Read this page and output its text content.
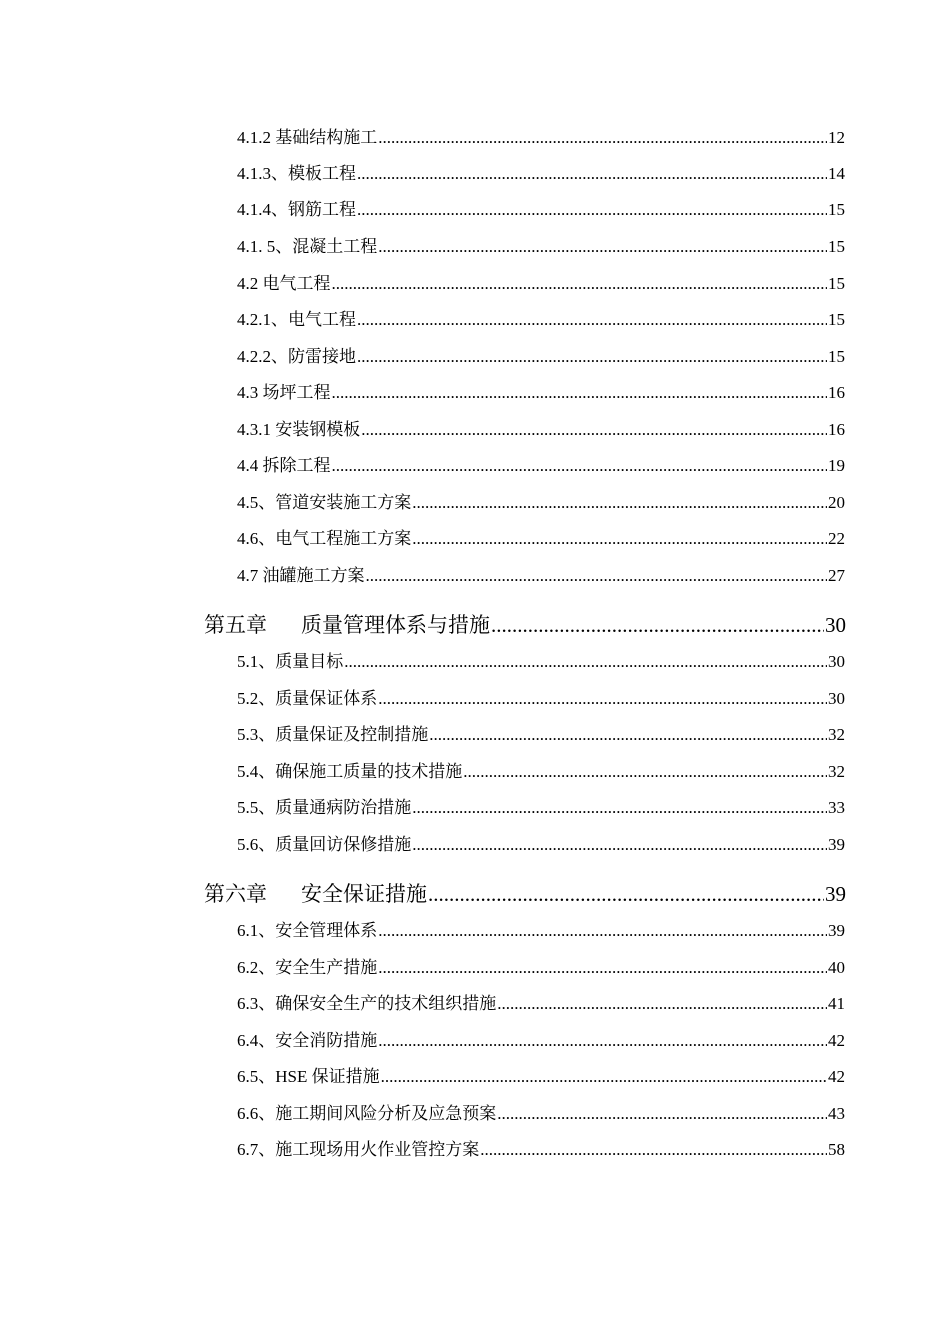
4.1.2 基础结构施工 .....	12
4.1.3、模板工程 .....	14
4.1.4、钢筋工程 .....	15
4.1. 5、混凝土工程 .....	15
4.2 电气工程 .....	15
4.2.1、电气工程 .....	15
4.2.2、防雷接地 .....	15
4.3 场坪工程 .....	16
4.3.1 安装钢模板 .....	16
4.4 拆除工程 .....	19
4.5、管道安装施工方案 .....	20
4.6、电气工程施工方案 .....	22
4.7 油罐施工方案 .....	27
第五章 质量管理体系与措施 .....	30
5.1、质量目标 .....	30
5.2、质量保证体系 .....	30
5.3、质量保证及控制措施 .....	32
5.4、确保施工质量的技术措施 .....	32
5.5、质量通病防治措施 .....	33
5.6、质量回访保修措施 .....	39
第六章 安全保证措施 .....	39
6.1、安全管理体系 .....	39
6.2、安全生产措施 .....	40
6.3、确保安全生产的技术组织措施 .....	41
6.4、安全消防措施 .....	42
6.5、HSE 保证措施 .....	42
6.6、施工期间风险分析及应急预案 .....	43
6.7、施工现场用火作业管控方案 .....	58
